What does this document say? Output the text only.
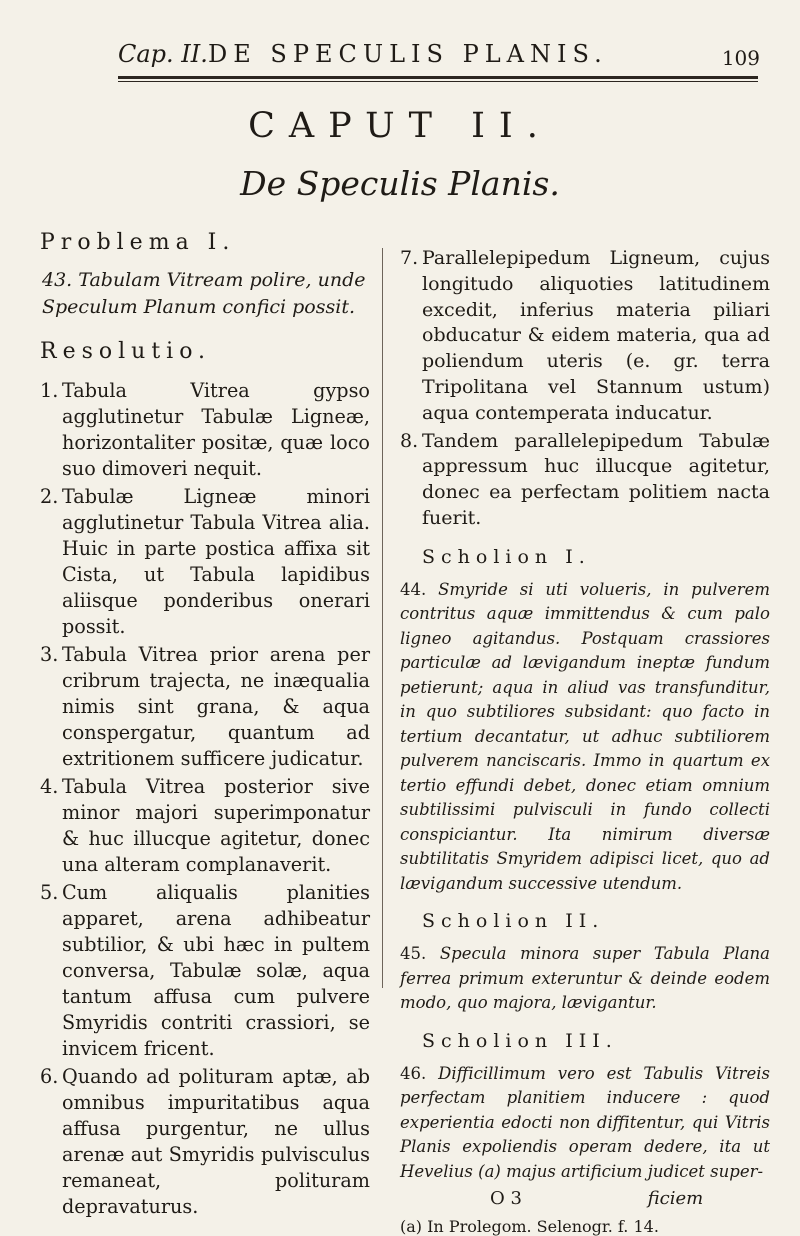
Cap. II. DE SPECULIS PLANIS.	109
CAPUT II.
De Speculis Planis.
Problema I.
43. Tabulam Vitream polire, unde Speculum Planum confici possit.
Resolutio.
1. Tabula Vitrea gypso agglutinetur Tabulæ Ligneæ, horizontaliter positæ, quæ loco suo dimoveri nequit.
2. Tabulæ Ligneæ minori agglutinetur Tabula Vitrea alia. Huic in parte postica affixa sit Cista, ut Tabula lapidibus aliisque ponderibus onerari possit.
3. Tabula Vitrea prior arena per cribrum trajecta, ne inæqualia nimis sint grana, & aqua conspergatur, quantum ad extritionem sufficere judicatur.
4. Tabula Vitrea posterior sive minor majori superimponatur & huc illucque agitetur, donec una alteram complanaverit.
5. Cum aliqualis planities apparet, arena adhibeatur subtilior, & ubi hæc in pultem conversa, Tabulæ solæ, aqua tantum affusa cum pulvere Smyridis contriti crassiori, se invicem fricent.
6. Quando ad polituram aptæ, ab omnibus impuritatibus aqua affusa purgentur, ne ullus arenæ aut Smyridis pulvisculus remaneat, polituram depravaturus.
7. Parallelepipedum Ligneum, cujus longitudo aliquoties latitudinem excedit, inferius materia piliari obducatur & eidem materia, qua ad poliendum uteris (e. gr. terra Tripolitana vel Stannum ustum) aqua contemperata inducatur.
8. Tandem parallelepipedum Tabulæ appressum huc illucque agitetur, donec ea perfectam politiem nacta fuerit.
Scholion I.
44. Smyride si uti volueris, in pulverem contritus aquæ immittendus & cum palo ligneo agitandus. Postquam crassiores particulæ ad lævigandum ineptæ fundum petierunt; aqua in aliud vas transfunditur, in quo subtiliores subsidant: quo facto in tertium decantatur, ut adhuc subtiliorem pulverem nanciscaris. Immo in quartum ex tertio effundi debet, donec etiam omnium subtilissimi pulvisculi in fundo collecti conspiciantur. Ita nimirum diversæ subtilitatis Smyridem adipisci licet, quo ad lævigandum successive utendum.
Scholion II.
45. Specula minora super Tabula Plana ferrea primum exteruntur & deinde eodem modo, quo majora, lævigantur.
Scholion III.
46. Difficillimum vero est Tabulis Vitreis perfectam planitiem inducere : quod experientia edocti non diffitentur, qui Vitris Planis expoliendis operam dedere, ita ut Hevelius (a) majus artificium judicet super-
O 3	ficiem
(a) In Prolegom. Selenogr. f. 14.
